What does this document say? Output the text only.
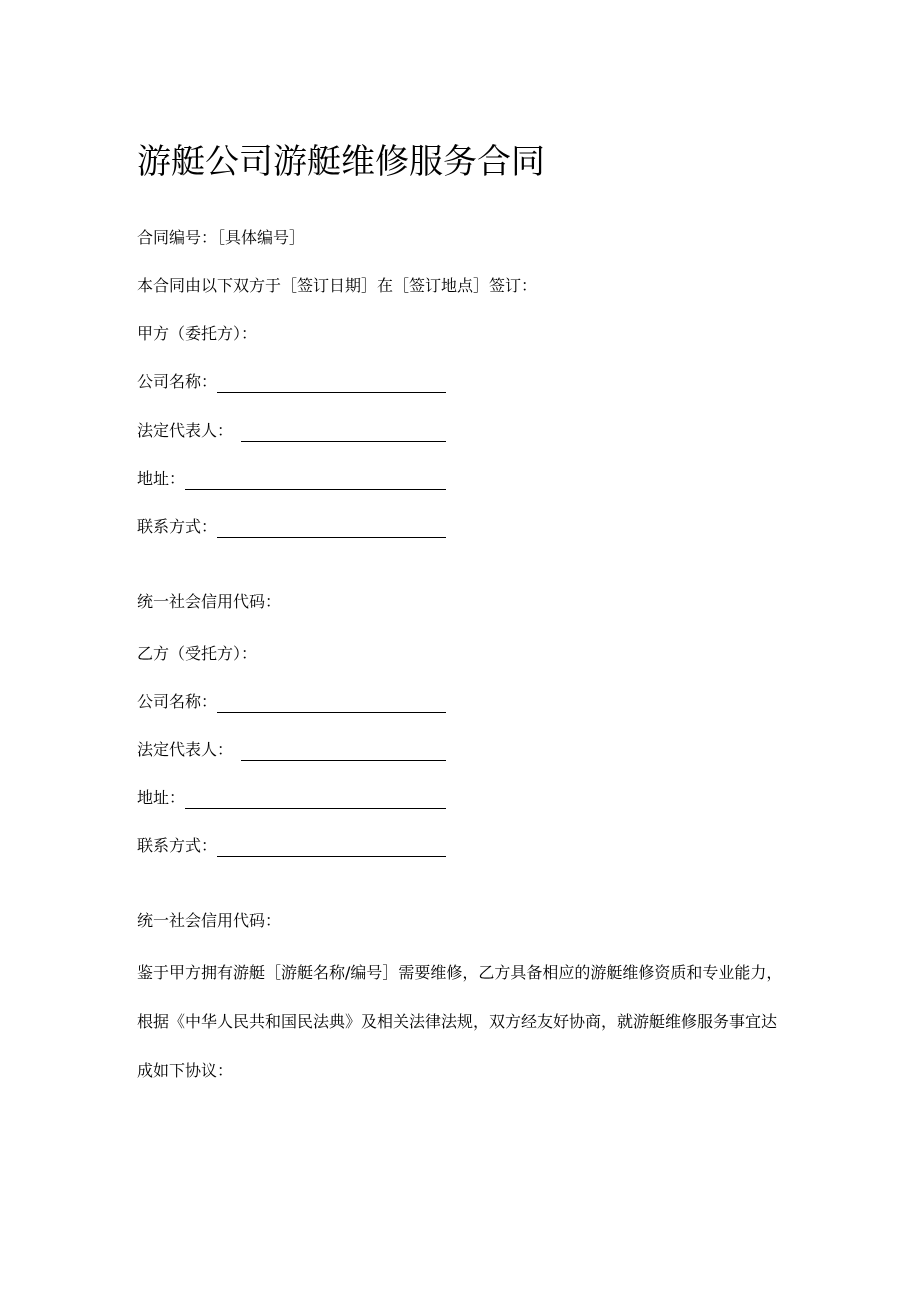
游艇公司游艇维修服务合同
合同编号：［具体编号］
本合同由以下双方于［签订日期］在［签订地点］签订：
甲方（委托方）：
公司名称：
法定代表人：
地址：
联系方式：
统一社会信用代码：
乙方（受托方）：
公司名称：
法定代表人：
地址：
联系方式：
统一社会信用代码：
鉴于甲方拥有游艇［游艇名称/编号］需要维修，乙方具备相应的游艇维修资质和专业能力，根据《中华人民共和国民法典》及相关法律法规，双方经友好协商，就游艇维修服务事宜达成如下协议：
